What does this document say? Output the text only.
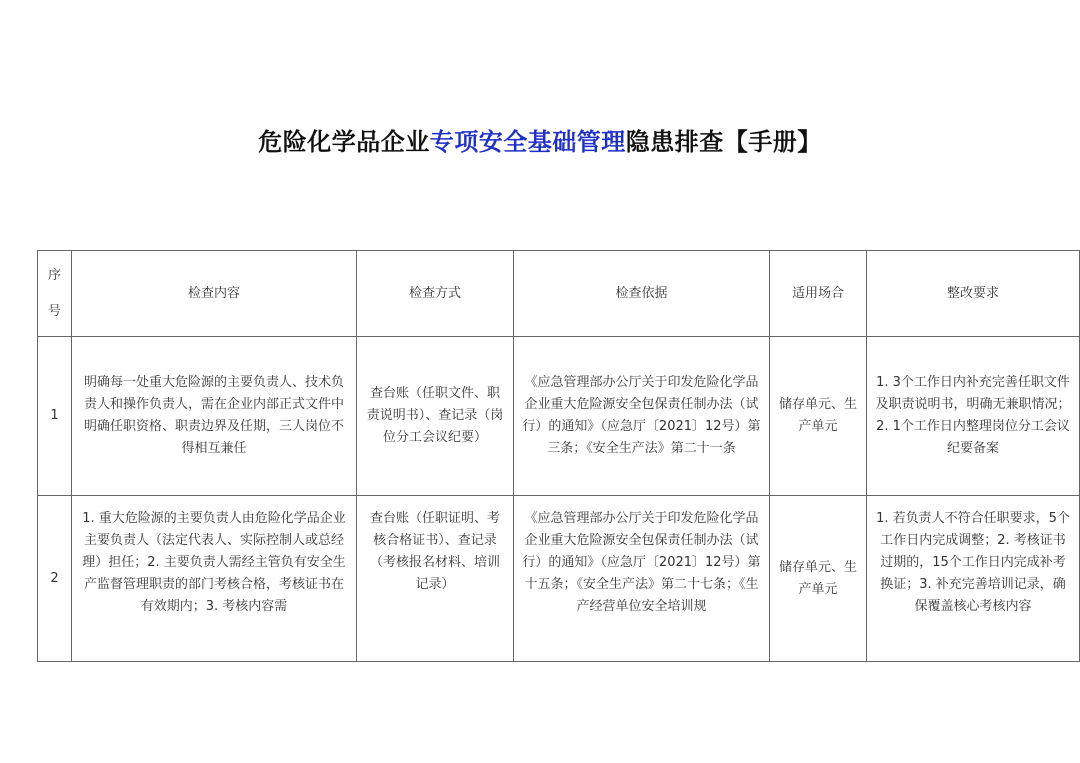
危险化学品企业专项安全基础管理隐患排查【手册】
序
号	检查内容	检查方式	检查依据	适用场合	整改要求
1	明确每一处重大危险源的主要负责人、技术负责人和操作负责人，需在企业内部正式文件中明确任职资格、职责边界及任期，三人岗位不得相互兼任	查台账（任职文件、职责说明书）、查记录（岗位分工会议纪要）	《应急管理部办公厅关于印发危险化学品企业重大危险源安全包保责任制办法（试行）的通知》（应急厅〔2021〕12号）第三条；《安全生产法》第二十一条	储存单元、生产单元	1. 3个工作日内补充完善任职文件及职责说明书，明确无兼职情况；2. 1个工作日内整理岗位分工会议纪要备案

2	1. 重大危险源的主要负责人由危险化学品企业主要负责人（法定代表人、实际控制人或总经理）担任；2. 主要负责人需经主管负有安全生产监督管理职责的部门考核合格，考核证书在有效期内；3. 考核内容需	查台账（任职证明、考核合格证书）、查记录（考核报名材料、培训记录）	《应急管理部办公厅关于印发危险化学品企业重大危险源安全包保责任制办法（试行）的通知》（应急厅〔2021〕12号）第十五条；《安全生产法》第二十七条；《生产经营单位安全培训规	储存单元、生产单元	1. 若负责人不符合任职要求，5个工作日内完成调整；2. 考核证书过期的，15个工作日内完成补考换证；3. 补充完善培训记录，确保覆盖核心考核内容
